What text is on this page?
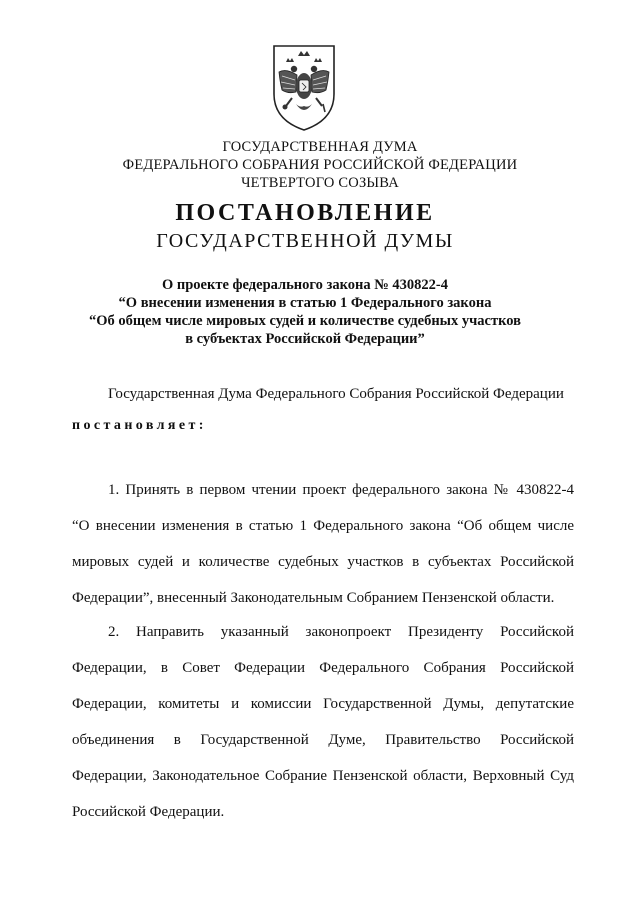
ГОСУДАРСТВЕННАЯ ДУМА
ФЕДЕРАЛЬНОГО СОБРАНИЯ РОССИЙСКОЙ ФЕДЕРАЦИИ
ЧЕТВЕРТОГО СОЗЫВА
ПОСТАНОВЛЕНИЕ
ГОСУДАРСТВЕННОЙ ДУМЫ
О проекте федерального закона № 430822-4
“О внесении изменения в статью 1 Федерального закона
“Об общем числе мировых судей и количестве судебных участков
в субъектах Российской Федерации”
Государственная Дума Федерального Собрания Российской Федерации
постановляет:
1. Принять в первом чтении проект федерального закона № 430822-4
“О внесении изменения в статью 1 Федерального закона “Об общем числе
мировых судей и количестве судебных участков в субъектах Российской
Федерации”, внесенный Законодательным Собранием Пензенской области.
2. Направить указанный законопроект Президенту Российской
Федерации, в Совет Федерации Федерального Собрания Российской
Федерации, комитеты и комиссии Государственной Думы, депутатские
объединения в Государственной Думе, Правительство Российской
Федерации, Законодательное Собрание Пензенской области, Верховный Суд
Российской Федерации.
